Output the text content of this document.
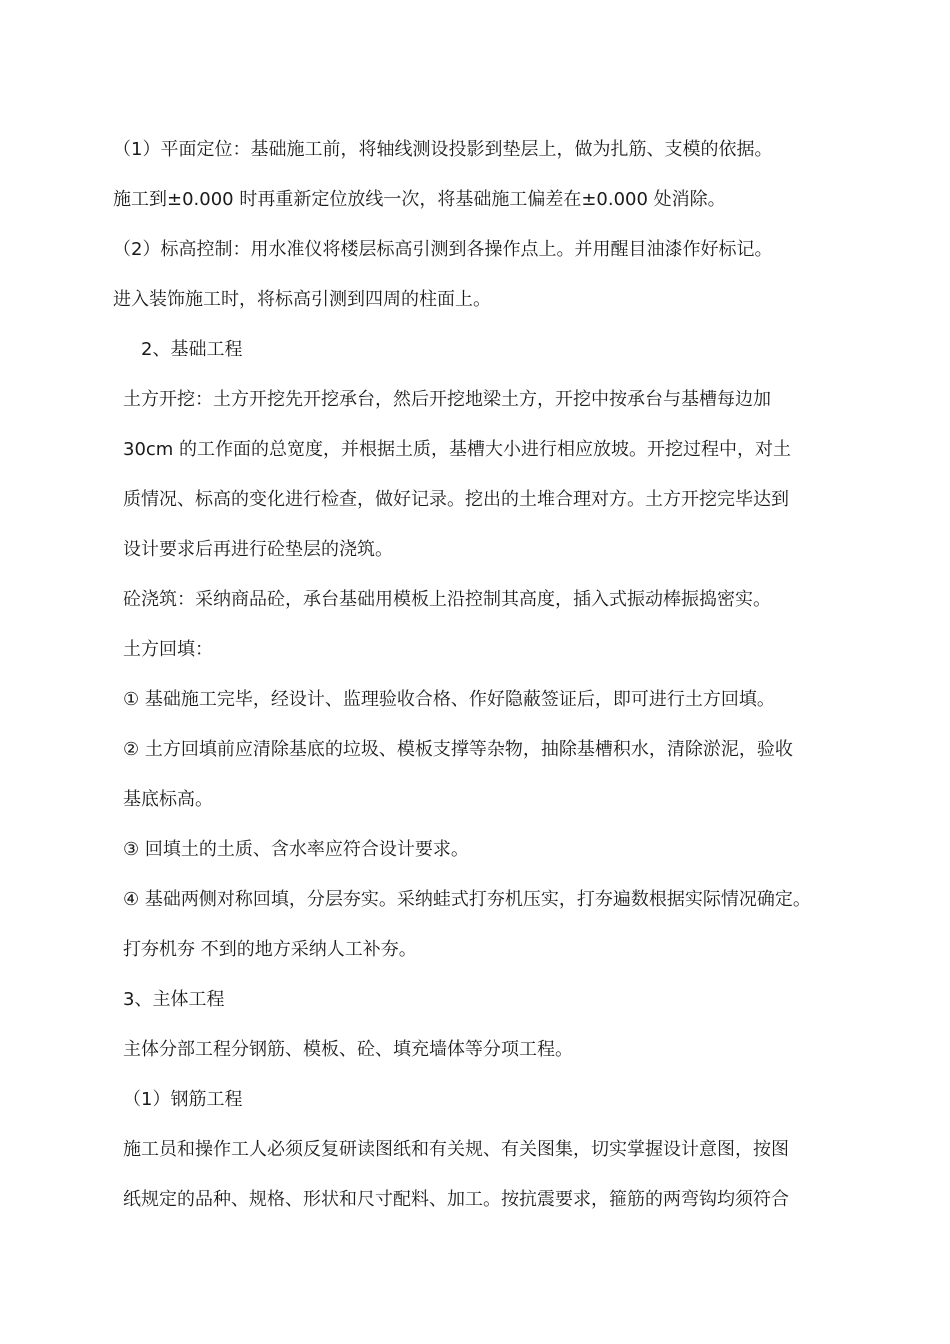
（1）平面定位：基础施工前，将轴线测设投影到垫层上，做为扎筋、支模的依据。
施工到±0.000 时再重新定位放线一次，将基础施工偏差在±0.000 处消除。
（2）标高控制：用水准仪将楼层标高引测到各操作点上。并用醒目油漆作好标记。
进入装饰施工时，将标高引测到四周的柱面上。
2、基础工程
土方开挖：土方开挖先开挖承台，然后开挖地梁土方，开挖中按承台与基槽每边加
30cm 的工作面的总宽度，并根据土质，基槽大小进行相应放坡。开挖过程中，对土
质情况、标高的变化进行检查，做好记录。挖出的土堆合理对方。土方开挖完毕达到
设计要求后再进行砼垫层的浇筑。
砼浇筑：采纳商品砼，承台基础用模板上沿控制其高度，插入式振动棒振捣密实。
土方回填：
① 基础施工完毕，经设计、监理验收合格、作好隐蔽签证后，即可进行土方回填。
② 土方回填前应清除基底的垃圾、模板支撑等杂物，抽除基槽积水，清除淤泥，验收
基底标高。
③ 回填土的土质、含水率应符合设计要求。
④ 基础两侧对称回填，分层夯实。采纳蛙式打夯机压实，打夯遍数根据实际情况确定。
打夯机夯 不到的地方采纳人工补夯。
3、主体工程
主体分部工程分钢筋、模板、砼、填充墙体等分项工程。
（1）钢筋工程
施工员和操作工人必须反复研读图纸和有关规、有关图集，切实掌握设计意图，按图
纸规定的品种、规格、形状和尺寸配料、加工。按抗震要求，箍筋的两弯钩均须符合
